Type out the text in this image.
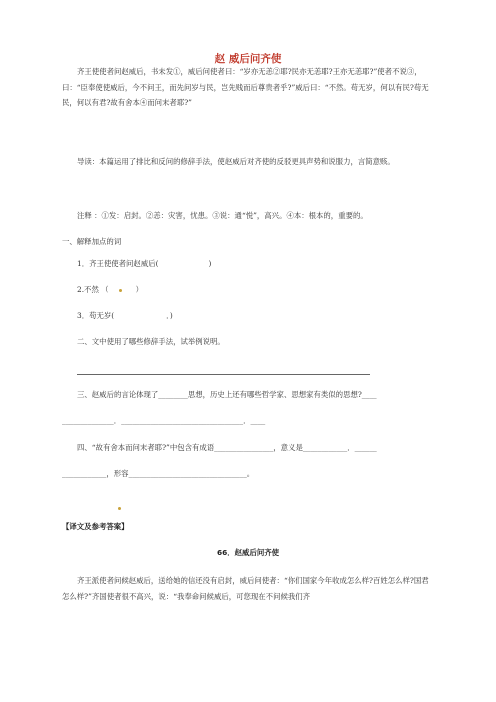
赵 威后问齐使
齐王使使者问赵威后，书未发①，威后问使者曰：“岁亦无恙②耶?民亦无恙耶?王亦无恙耶?”使者不说③，曰：“臣奉使使威后，今不问王，而先问岁与民，岂先贱而后尊贵者乎?”威后曰：“不然。苟无岁，何以有民?苟无民，何以有君?故有舍本④而问末者耶?”
导读：本篇运用了排比和反问的修辞手法，使赵威后对齐使的反驳更具声势和说服力，言简意赅。
注释 ：①发：启封。②恙：灾害，忧患。③说：通“悦”，高兴。④本：根本的，重要的。
一、解释加点的词
1．齐王使使者问赵威后(	)
2.不然 （	）
3．苟无岁(	．)
二、文中使用了哪些修辞手法，试举例说明。
三、赵威后的言论体现了________思想，历史上还有哪些哲学家、思想家有类似的思想?____
______________．_________________________________．____
四、“故有舍本而问末者耶?”中包含有成语________________，意义是____________．______
____________，形容________________________________。
【译文及参考答案】
66．赵威后问齐使
齐王派使者问候赵威后，送给她的信还没有启封，威后问使者：“你们国家今年收成怎么样?百姓怎么样?国君怎么样?”齐国使者很不高兴，说：“我奉命问候威后，可您现在不问候我们齐
